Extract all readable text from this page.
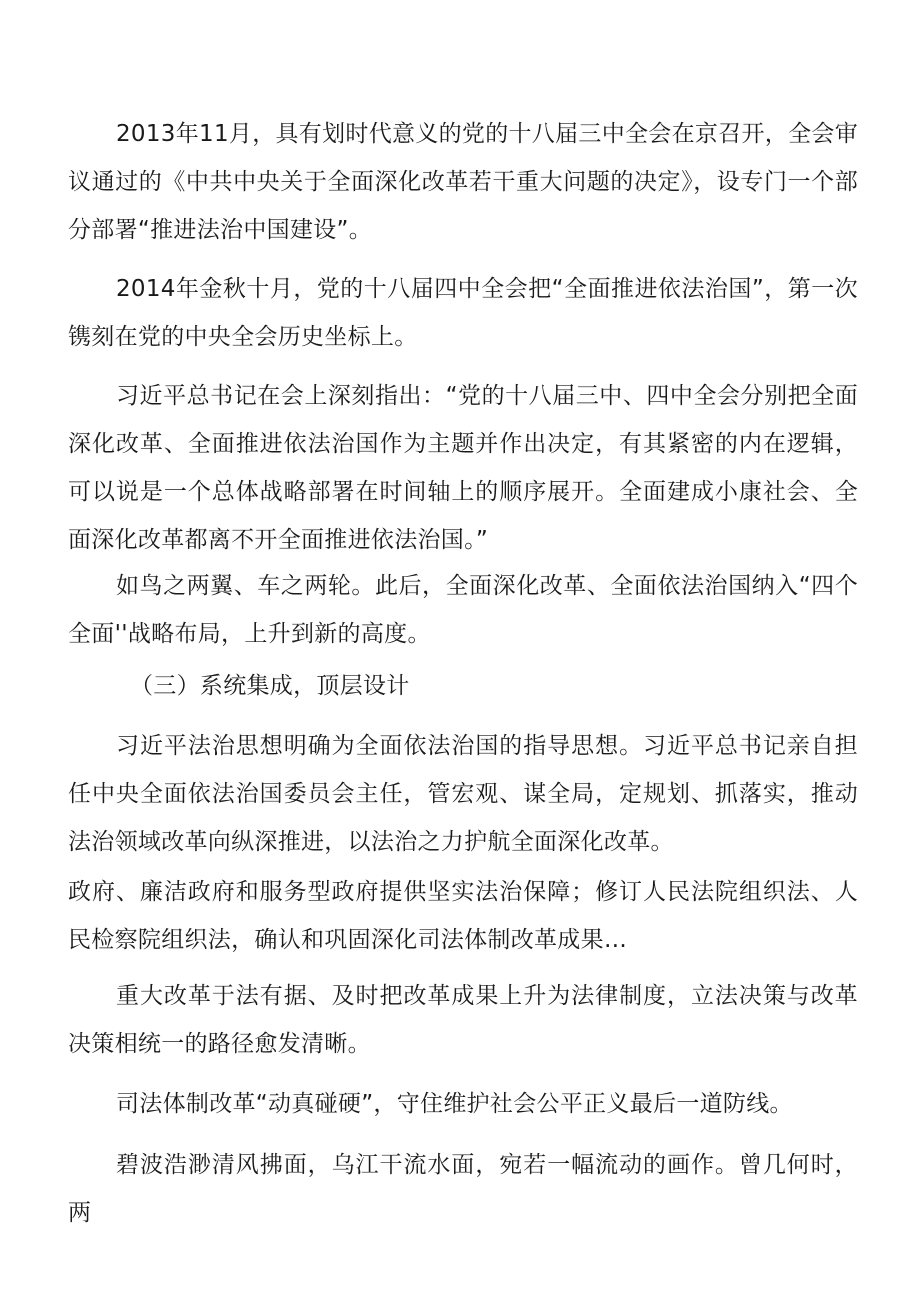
2013年11月，具有划时代意义的党的十八届三中全会在京召开，全会审议通过的《中共中央关于全面深化改革若干重大问题的决定》，设专门一个部分部署“推进法治中国建设”。

2014年金秋十月，党的十八届四中全会把“全面推进依法治国”，第一次镌刻在党的中央全会历史坐标上。

习近平总书记在会上深刻指出：“党的十八届三中、四中全会分别把全面深化改革、全面推进依法治国作为主题并作出决定，有其紧密的内在逻辑，可以说是一个总体战略部署在时间轴上的顺序展开。全面建成小康社会、全面深化改革都离不开全面推进依法治国。”

如鸟之两翼、车之两轮。此后，全面深化改革、全面依法治国纳入“四个全面''战略布局，上升到新的高度。

（三）系统集成，顶层设计

习近平法治思想明确为全面依法治国的指导思想。习近平总书记亲自担任中央全面依法治国委员会主任，管宏观、谋全局，定规划、抓落实，推动法治领域改革向纵深推进，以法治之力护航全面深化改革。

政府、廉洁政府和服务型政府提供坚实法治保障；修订人民法院组织法、人民检察院组织法，确认和巩固深化司法体制改革成果…

重大改革于法有据、及时把改革成果上升为法律制度，立法决策与改革决策相统一的路径愈发清晰。

司法体制改革“动真碰硬”，守住维护社会公平正义最后一道防线。

碧波浩渺清风拂面，乌江干流水面，宛若一幅流动的画作。曾几何时，两
